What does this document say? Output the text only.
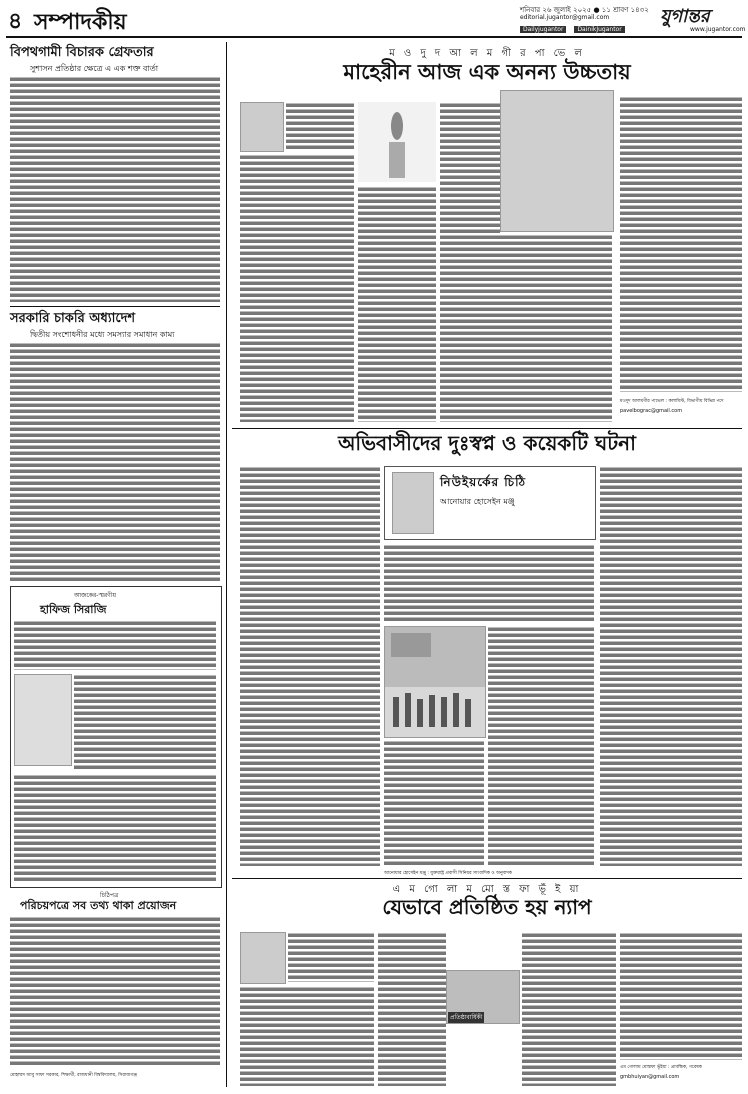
৪ সম্পাদকীয়	শনিবার ২৬ জুলাই ২০২৫ ● ১১ শ্রাবণ ১৪৩২
editorial.jugantor@gmail.com	যুগান্তর
Dailyjugantor	DainikJugantor	www.jugantor.com
বিপথগামী বিচারক গ্রেফতার
সুশাসন প্রতিষ্ঠার ক্ষেত্রে এ এক শক্ত বার্তা
সরকারি চাকরি অধ্যাদেশ
দ্বিতীয় সংশোধনীর মধ্যে সমস্যার সমাধান কাম্য
আজকের-স্মরণীয়
হাফিজ সিরাজি
চিঠিপত্র
পরিচয়পত্রে সব তথ্য থাকা প্রয়োজন
মোহাম্মদ আবু সাফা সরকার, শিক্ষার্থী, রাজধানী বিশ্ববিদ্যালয়, সিরাজগঞ্জ
ম ও দু দ আ ল ম গী র পা ভে ল
মাহেরীন আজ এক অনন্য উচ্চতায়
মওদুদ আলমগীর পাভেল : কলামিস্ট, বিভাগীয় বিভিন্ন পদে
pavelbograc@gmail.com
অভিবাসীদের দুঃস্বপ্ন ও কয়েকটি ঘটনা
নিউইয়র্কের চিঠি
আনোয়ার হোসেইন মঞ্জু
আনোয়ার হোসেইন মঞ্জু : যুক্তরাষ্ট্র প্রবাসী সিনিয়র সাংবাদিক ও অনুবাদক
এ ম গো লা ম মো স্ত ফা ভূঁ ই য়া
যেভাবে প্রতিষ্ঠিত হয় ন্যাপ
প্রতিষ্ঠাবার্ষিকী
এম গোলাম মোস্তফা ভূঁইয়া : প্রাবন্ধিক, গবেষক
gmbhuiyan@gmail.com
